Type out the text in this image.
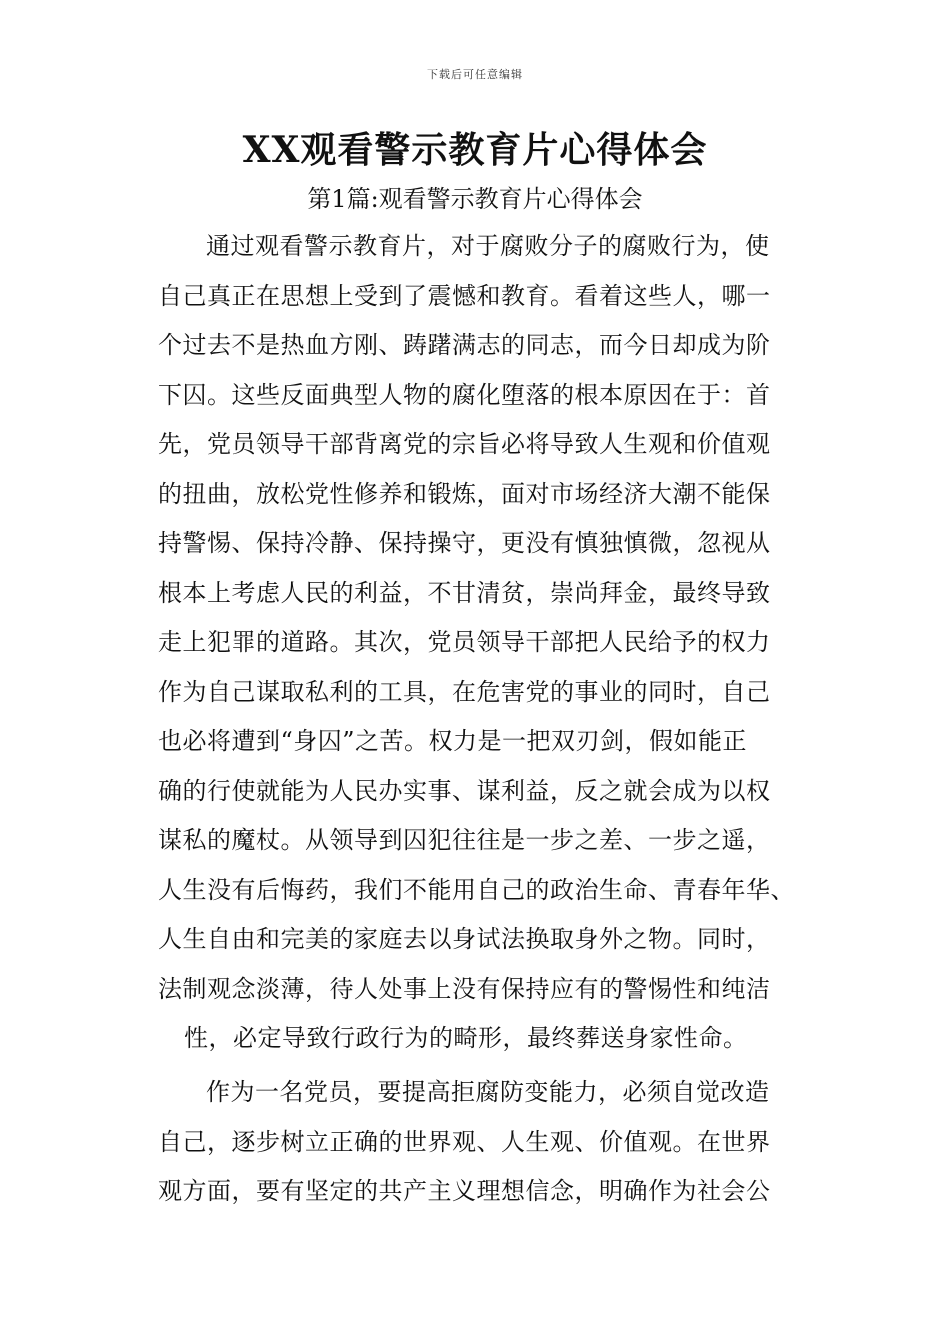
下载后可任意编辑
XX观看警示教育片心得体会
第1篇:观看警示教育片心得体会
通过观看警示教育片，对于腐败分子的腐败行为，使
自己真正在思想上受到了震憾和教育。看着这些人，哪一
个过去不是热血方刚、踌躇满志的同志，而今日却成为阶
下囚。这些反面典型人物的腐化堕落的根本原因在于：首
先，党员领导干部背离党的宗旨必将导致人生观和价值观
的扭曲，放松党性修养和锻炼，面对市场经济大潮不能保
持警惕、保持冷静、保持操守，更没有慎独慎微，忽视从
根本上考虑人民的利益，不甘清贫，崇尚拜金，最终导致
走上犯罪的道路。其次，党员领导干部把人民给予的权力
作为自己谋取私利的工具，在危害党的事业的同时，自己
也必将遭到“身囚”之苦。权力是一把双刃剑，假如能正
确的行使就能为人民办实事、谋利益，反之就会成为以权
谋私的魔杖。从领导到囚犯往往是一步之差、一步之遥，
人生没有后悔药，我们不能用自己的政治生命、青春年华、
人生自由和完美的家庭去以身试法换取身外之物。同时，
法制观念淡薄，待人处事上没有保持应有的警惕性和纯洁
性，必定导致行政行为的畸形，最终葬送身家性命。
作为一名党员，要提高拒腐防变能力，必须自觉改造
自己，逐步树立正确的世界观、人生观、价值观。在世界
观方面，要有坚定的共产主义理想信念，明确作为社会公
